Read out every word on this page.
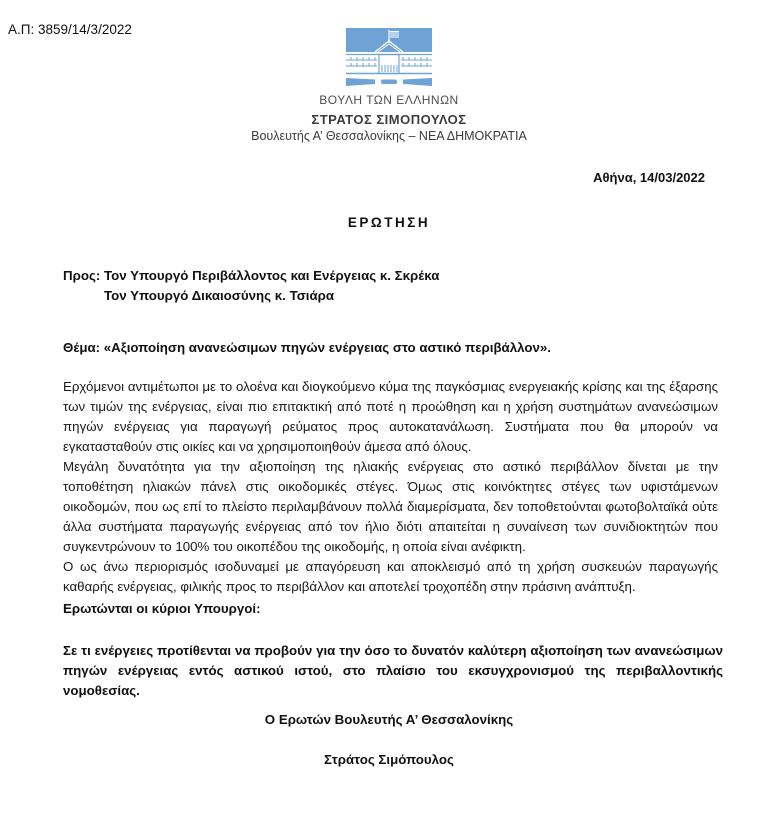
Α.Π: 3859/14/3/2022
ΒΟΥΛΗ ΤΩΝ ΕΛΛΗΝΩΝ
ΣΤΡΑΤΟΣ ΣΙΜΟΠΟΥΛΟΣ
Βουλευτής Α’ Θεσσαλονίκης – ΝΕΑ ΔΗΜΟΚΡΑΤΙΑ
Αθήνα, 14/03/2022
ΕΡΩΤΗΣΗ
Προς: Τον Υπουργό Περιβάλλοντος και Ενέργειας κ. Σκρέκα
Τον Υπουργό Δικαιοσύνης κ. Τσιάρα
Θέμα: «Αξιοποίηση ανανεώσιμων πηγών ενέργειας στο αστικό περιβάλλον».

Ερχόμενοι αντιμέτωποι με το ολοένα και διογκούμενο κύμα της παγκόσμιας ενεργειακής κρίσης και της έξαρσης των τιμών της ενέργειας, είναι πιο επιτακτική από ποτέ η προώθηση και η χρήση συστημάτων ανανεώσιμων πηγών ενέργειας για παραγωγή ρεύματος προς αυτοκατανάλωση. Συστήματα που θα μπορούν να εγκατασταθούν στις οικίες και να χρησιμοποιηθούν άμεσα από όλους.

Μεγάλη δυνατότητα για την αξιοποίηση της ηλιακής ενέργειας στο αστικό περιβάλλον δίνεται με την τοποθέτηση ηλιακών πάνελ στις οικοδομικές στέγες. Όμως στις κοινόκτητες στέγες των υφιστάμενων οικοδομών, που ως επί το πλείστο περιλαμβάνουν πολλά διαμερίσματα, δεν τοποθετούνται φωτοβολταϊκά ούτε άλλα συστήματα παραγωγής ενέργειας από τον ήλιο διότι απαιτείται η συναίνεση των συνιδιοκτητών που συγκεντρώνουν το 100% του οικοπέδου της οικοδομής, η οποία είναι ανέφικτη.

Ο ως άνω περιορισμός ισοδυναμεί με απαγόρευση και αποκλεισμό από τη χρήση συσκευών παραγωγής καθαρής ενέργειας, φιλικής προς το περιβάλλον και αποτελεί τροχοπέδη στην πράσινη ανάπτυξη.

Ερωτώνται οι κύριοι Υπουργοί:
Σε τι ενέργειες προτίθενται να προβούν για την όσο το δυνατόν καλύτερη αξιοποίηση των ανανεώσιμων πηγών ενέργειας εντός αστικού ιστού, στο πλαίσιο του εκσυγχρονισμού της περιβαλλοντικής νομοθεσίας.
Ο Ερωτών Βουλευτής Α’ Θεσσαλονίκης
Στράτος Σιμόπουλος
